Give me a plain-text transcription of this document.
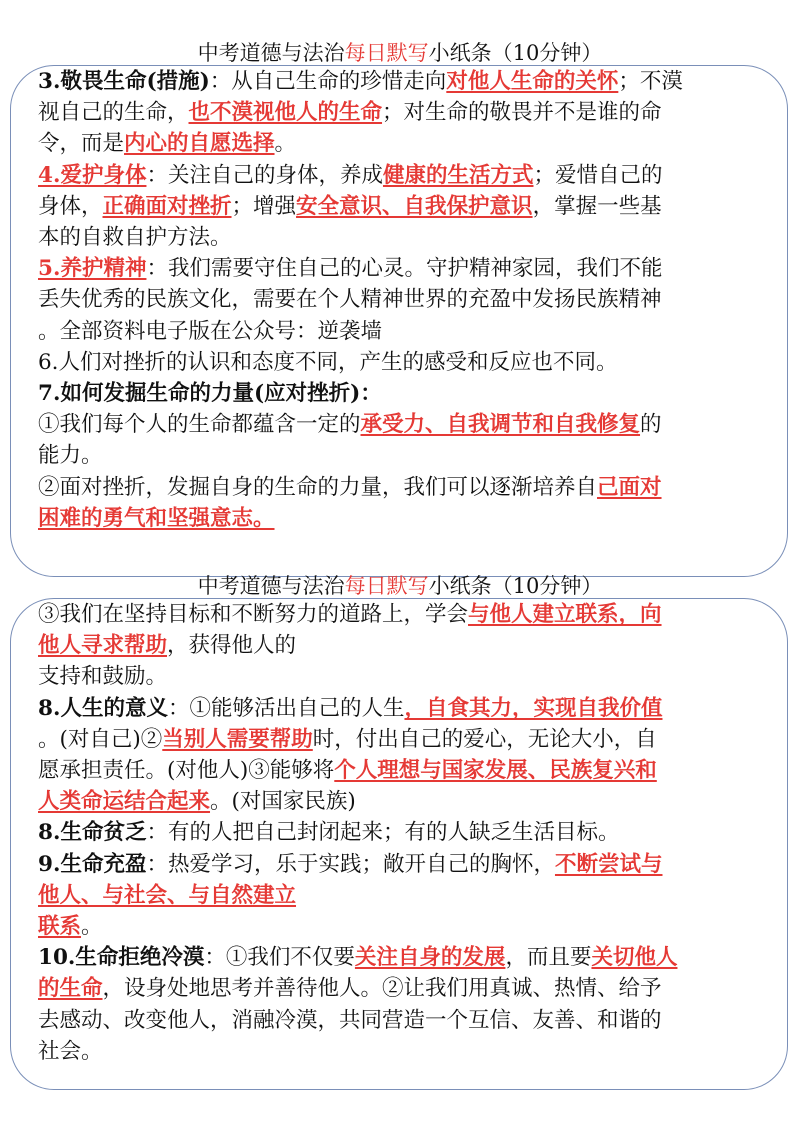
中考道德与法治每日默写小纸条（10分钟）
中考道德与法治每日默写小纸条（10分钟）

3.敬畏生命(措施)：从自己生命的珍惜走向对他人生命的关怀；不漠

视自己的生命，也不漠视他人的生命；对生命的敬畏并不是谁的命

令，而是内心的自愿选择。

4.爱护身体：关注自己的身体，养成健康的生活方式；爱惜自己的

身体，正确面对挫折；增强安全意识、自我保护意识，掌握一些基

本的自救自护方法。

5.养护精神：我们需要守住自己的心灵。守护精神家园，我们不能

丢失优秀的民族文化，需要在个人精神世界的充盈中发扬民族精神

。全部资料电子版在公众号：逆袭墙

6.人们对挫折的认识和态度不同，产生的感受和反应也不同。

7.如何发掘生命的力量(应对挫折)：

①我们每个人的生命都蕴含一定的承受力、自我调节和自我修复的

能力。

②面对挫折，发掘自身的生命的力量，我们可以逐渐培养自己面对

困难的勇气和坚强意志。

③我们在坚持目标和不断努力的道路上，学会与他人建立联系，向

他人寻求帮助，获得他人的

支持和鼓励。

8.人生的意义：①能够活出自己的人生，自食其力，实现自我价值

。(对自己)②当别人需要帮助时，付出自己的爱心，无论大小，自

愿承担责任。(对他人)③能够将个人理想与国家发展、民族复兴和

人类命运结合起来。(对国家民族)

8.生命贫乏：有的人把自己封闭起来；有的人缺乏生活目标。

9.生命充盈：热爱学习，乐于实践；敞开自己的胸怀，不断尝试与

他人、与社会、与自然建立

联系。

10.生命拒绝冷漠：①我们不仅要关注自身的发展，而且要关切他人

的生命，设身处地思考并善待他人。②让我们用真诚、热情、给予

去感动、改变他人，消融冷漠，共同营造一个互信、友善、和谐的

社会。
